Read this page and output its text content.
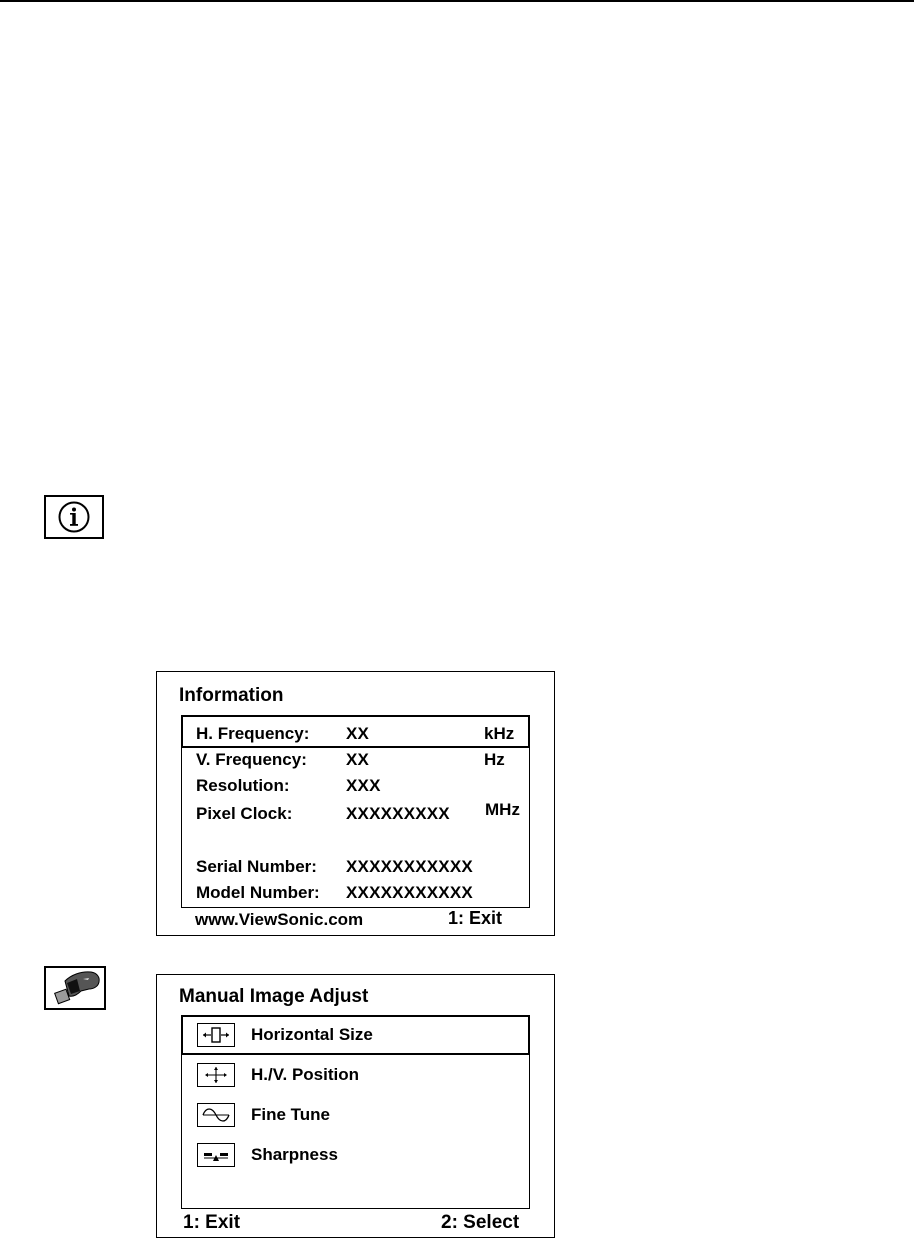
Information
H. Frequency: XX	kHz
V. Frequency: XX	Hz
Resolution:	XXX
Pixel Clock:	XXXXXXXXX MHz
Serial Number: XXXXXXXXXXX
Model Number: XXXXXXXXXXX
www.ViewSonic.com	1: Exit
Manual Image Adjust
Horizontal Size
H./V. Position
Fine Tune
Sharpness
1: Exit	2: Select
